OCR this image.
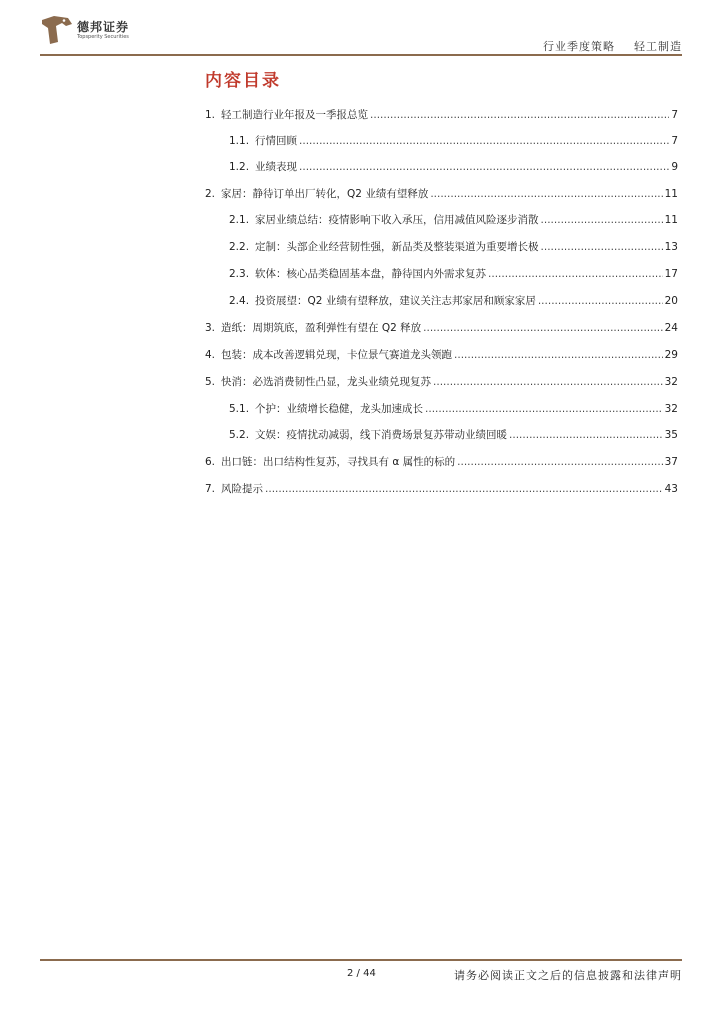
德邦证券
Topsperity Securities
行业季度策略 轻工制造
内容目录
1. 轻工制造行业年报及一季报总览 .....	7
1.1. 行情回顾 .....	7
1.2. 业绩表现 .....	9
2. 家居：静待订单出厂转化，Q2 业绩有望释放 .....	11
2.1. 家居业绩总结：疫情影响下收入承压，信用减值风险逐步消散 .....	11
2.2. 定制：头部企业经营韧性强，新品类及整装渠道为重要增长极 .....	13
2.3. 软体：核心品类稳固基本盘，静待国内外需求复苏 .....	17
2.4. 投资展望：Q2 业绩有望释放，建议关注志邦家居和顾家家居 .....	20
3. 造纸：周期筑底，盈利弹性有望在 Q2 释放 .....	24
4. 包装：成本改善逻辑兑现，卡位景气赛道龙头领跑 .....	29
5. 快消：必选消费韧性凸显，龙头业绩兑现复苏 .....	32
5.1. 个护：业绩增长稳健，龙头加速成长 .....	32
5.2. 文娱：疫情扰动减弱，线下消费场景复苏带动业绩回暖 .....	35
6. 出口链：出口结构性复苏，寻找具有 α 属性的标的 .....	37
7. 风险提示 .....	43
2 / 44	请务必阅读正文之后的信息披露和法律声明
